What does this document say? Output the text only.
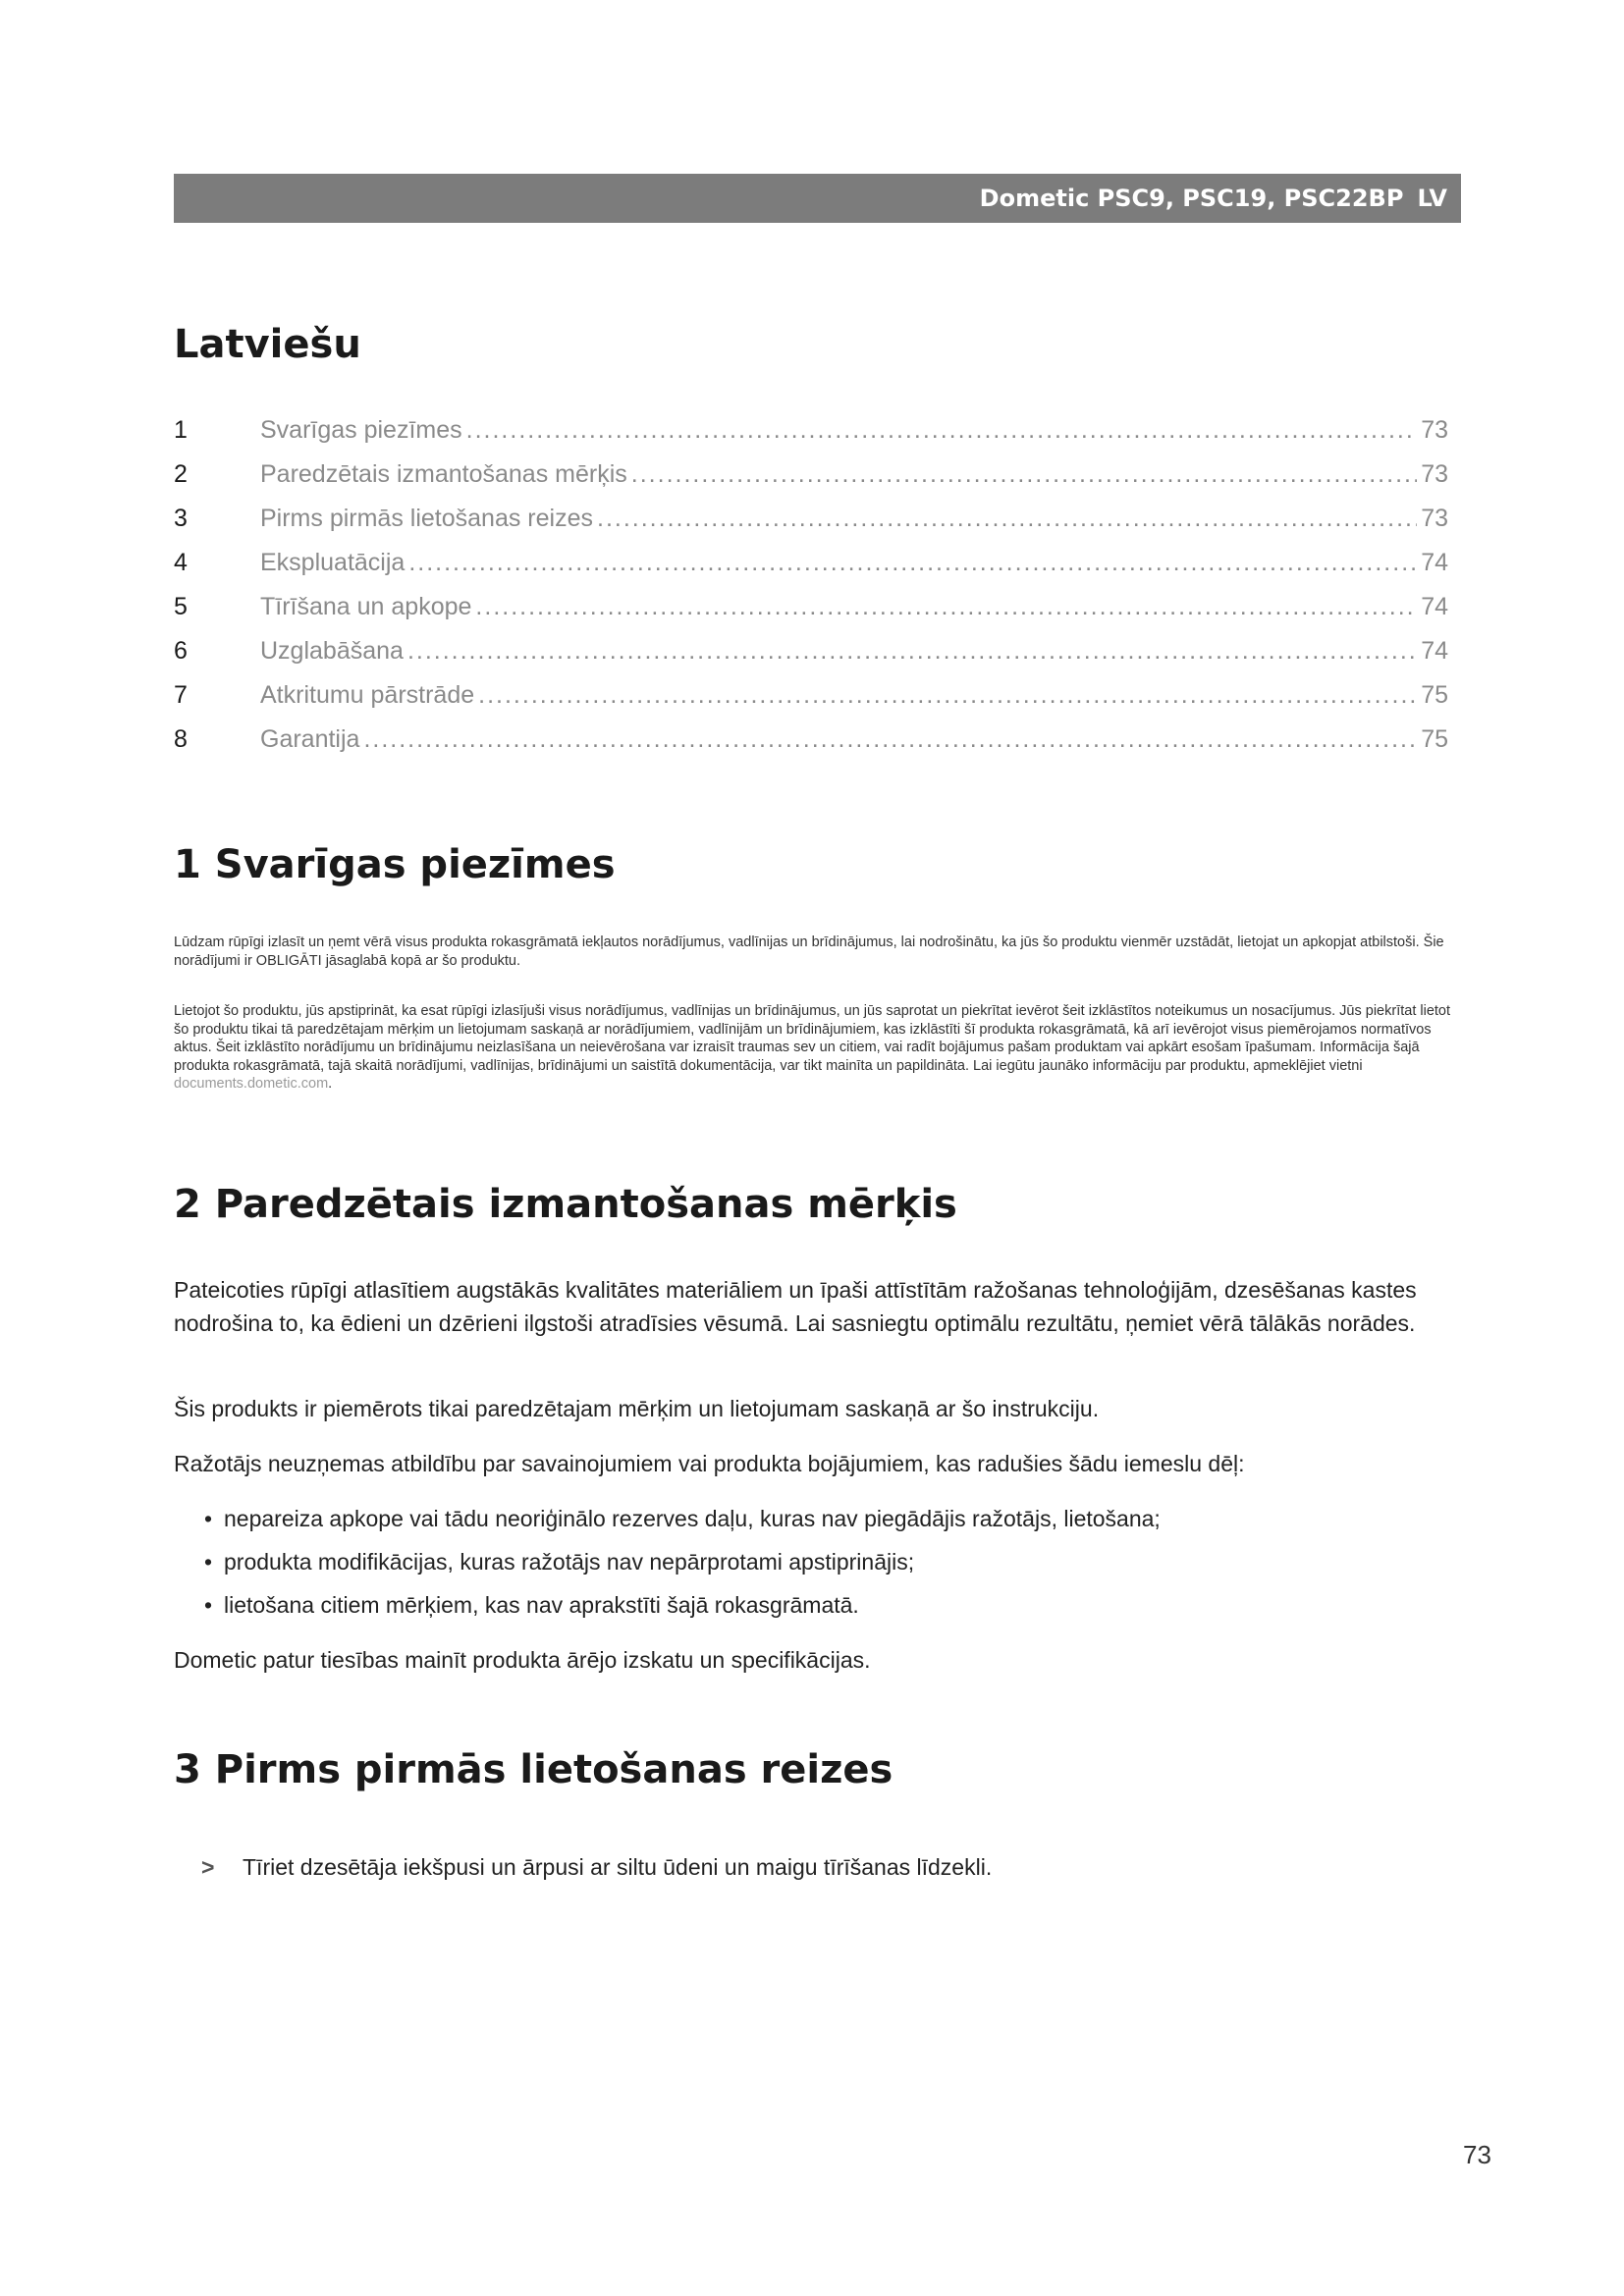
Dometic PSC9, PSC19, PSC22BP LV
Latviešu
1	Svarīgas piezīmes .....	73
2	Paredzētais izmantošanas mērķis .....	73
3	Pirms pirmās lietošanas reizes .....	73
4	Ekspluatācija .....	74
5	Tīrīšana un apkope .....	74
6	Uzglabāšana .....	74
7	Atkritumu pārstrāde .....	75
8	Garantija .....	75
1 Svarīgas piezīmes

Lūdzam rūpīgi izlasīt un ņemt vērā visus produkta rokasgrāmatā iekļautos norādījumus, vadlīnijas un brīdinājumus, lai nodrošinātu, ka jūs šo produktu vienmēr uzstādāt, lietojat un apkopjat atbilstoši. Šie norādījumi ir OBLIGĀTI jāsaglabā kopā ar šo produktu.

Lietojot šo produktu, jūs apstiprināt, ka esat rūpīgi izlasījuši visus norādījumus, vadlīnijas un brīdinājumus, un jūs saprotat un piekrītat ievērot šeit izklāstītos noteikumus un nosacījumus. Jūs piekrītat lietot šo produktu tikai tā paredzētajam mērķim un lietojumam saskaņā ar norādījumiem, vadlīnijām un brīdinājumiem, kas izklāstīti šī produkta rokasgrāmatā, kā arī ievērojot visus piemērojamos normatīvos aktus. Šeit izklāstīto norādījumu un brīdinājumu neizlasīšana un neievērošana var izraisīt traumas sev un citiem, vai radīt bojājumus pašam produktam vai apkārt esošam īpašumam. Informācija šajā produkta rokasgrāmatā, tajā skaitā norādījumi, vadlīnijas, brīdinājumi un saistītā dokumentācija, var tikt mainīta un papildināta. Lai iegūtu jaunāko informāciju par produktu, apmeklējiet vietni documents.dometic.com.

2 Paredzētais izmantošanas mērķis

Pateicoties rūpīgi atlasītiem augstākās kvalitātes materiāliem un īpaši attīstītām ražošanas tehnoloģijām, dzesēšanas kastes nodrošina to, ka ēdieni un dzērieni ilgstoši atradīsies vēsumā. Lai sasniegtu optimālu rezultātu, ņemiet vērā tālākās norādes.

Šis produkts ir piemērots tikai paredzētajam mērķim un lietojumam saskaņā ar šo instrukciju.

Ražotājs neuzņemas atbildību par savainojumiem vai produkta bojājumiem, kas radušies šādu iemeslu dēļ:

• nepareiza apkope vai tādu neoriģinālo rezerves daļu, kuras nav piegādājis ražotājs, lietošana;
• produkta modifikācijas, kuras ražotājs nav nepārprotami apstiprinājis;
• lietošana citiem mērķiem, kas nav aprakstīti šajā rokasgrāmatā.

Dometic patur tiesības mainīt produkta ārējo izskatu un specifikācijas.

3 Pirms pirmās lietošanas reizes
>	Tīriet dzesētāja iekšpusi un ārpusi ar siltu ūdeni un maigu tīrīšanas līdzekli.
73
